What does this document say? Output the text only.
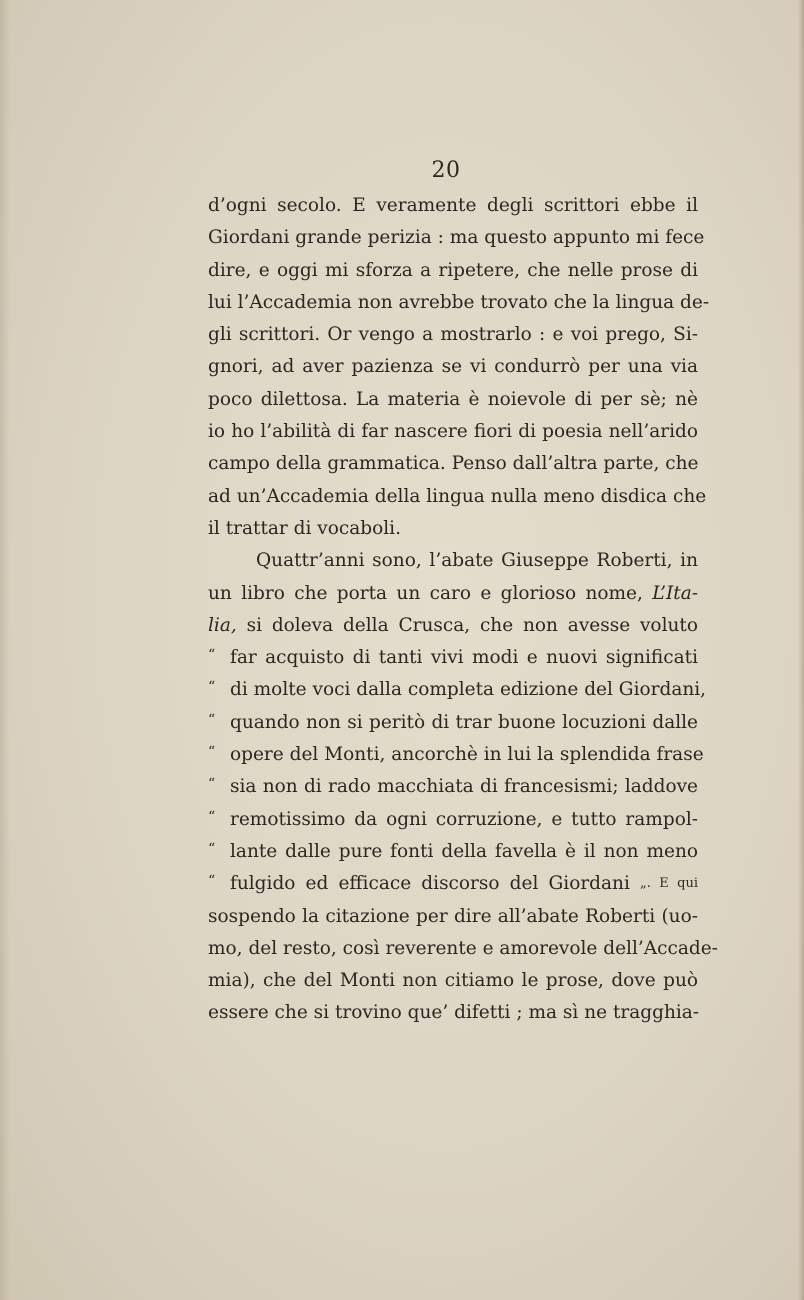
20
d’ogni secolo. E veramente degli scrittori ebbe il
Giordani grande perizia : ma questo appunto mi fece
dire, e oggi mi sforza a ripetere, che nelle prose di
lui l’Accademia non avrebbe trovato che la lingua de-
gli scrittori. Or vengo a mostrarlo : e voi prego, Si-
gnori, ad aver pazienza se vi condurrò per una via
poco dilettosa. La materia è noievole di per sè; nè
io ho l’abilità di far nascere fiori di poesia nell’arido
campo della grammatica. Penso dall’altra parte, che
ad un’Accademia della lingua nulla meno disdica che
il trattar di vocaboli.
Quattr’anni sono, l’abate Giuseppe Roberti, in
un libro che porta un caro e glorioso nome, L’Ita-
lia, si doleva della Crusca, che non avesse voluto
“ far acquisto di tanti vivi modi e nuovi significati
“ di molte voci dalla completa edizione del Giordani,
“ quando non si peritò di trar buone locuzioni dalle
“ opere del Monti, ancorchè in lui la splendida frase
“ sia non di rado macchiata di francesismi; laddove
“ remotissimo da ogni corruzione, e tutto rampol-
“ lante dalle pure fonti della favella è il non meno
“ fulgido ed efficace discorso del Giordani „. E qui
sospendo la citazione per dire all’abate Roberti (uo-
mo, del resto, così reverente e amorevole dell’Accade-
mia), che del Monti non citiamo le prose, dove può
essere che si trovino que’ difetti ; ma sì ne tragghia-
